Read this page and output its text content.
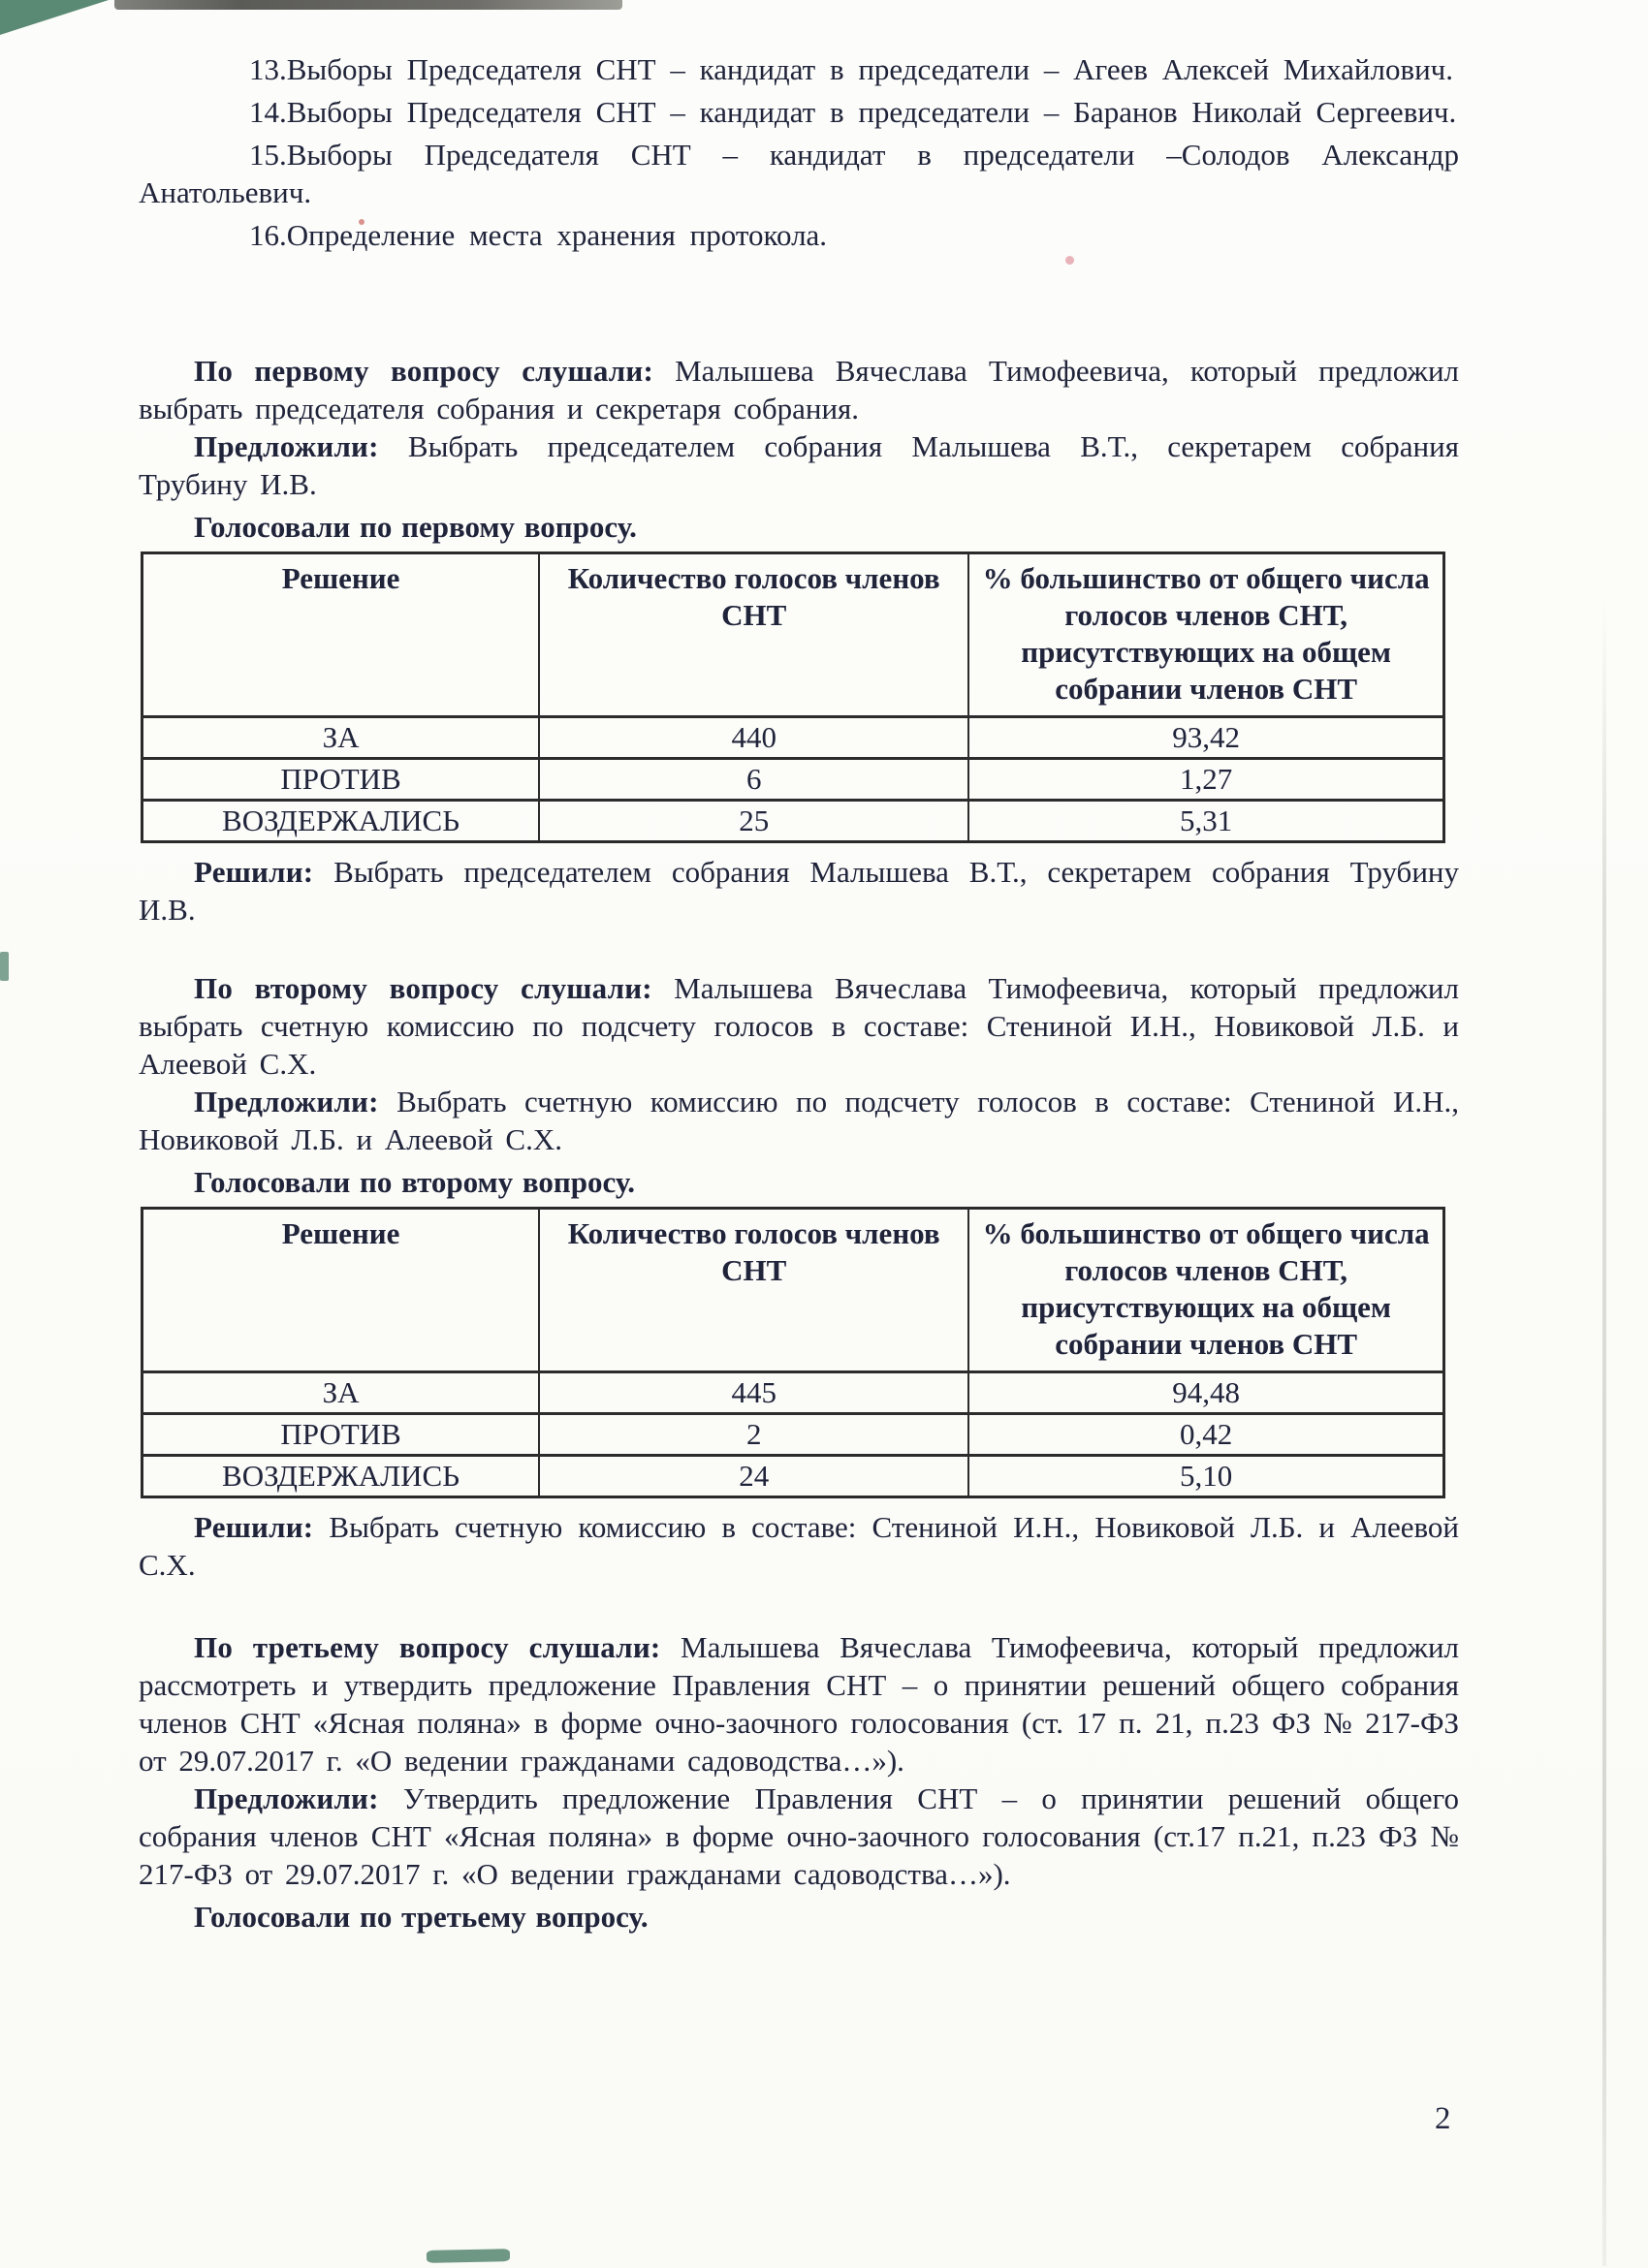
13.Выборы Председателя СНТ – кандидат в председатели – Агеев Алексей Михайлович.

14.Выборы Председателя СНТ – кандидат в председатели – Баранов Николай Сергеевич.

15.Выборы Председателя СНТ – кандидат в председатели –Солодов Александр Анатольевич.

16.Определение места хранения протокола.

По первому вопросу слушали: Малышева Вячеслава Тимофеевича, который предложил выбрать председателя собрания и секретаря собрания.

Предложили: Выбрать председателем собрания Малышева В.Т., секретарем собрания Трубину И.В.

Голосовали по первому вопросу.

Решение	Количество голосов членов СНТ	% большинство от общего числа голосов членов СНТ, присутствующих на общем собрании членов СНТ
ЗА	440	93,42
ПРОТИВ	6	1,27
ВОЗДЕРЖАЛИСЬ	25	5,31

Решили: Выбрать председателем собрания Малышева В.Т., секретарем собрания Трубину И.В.

По второму вопросу слушали: Малышева Вячеслава Тимофеевича, который предложил выбрать счетную комиссию по подсчету голосов в составе: Стениной И.Н., Новиковой Л.Б. и Алеевой С.Х.

Предложили: Выбрать счетную комиссию по подсчету голосов в составе: Стениной И.Н., Новиковой Л.Б. и Алеевой С.Х.

Голосовали по второму вопросу.

Решение	Количество голосов членов СНТ	% большинство от общего числа голосов членов СНТ, присутствующих на общем собрании членов СНТ
ЗА	445	94,48
ПРОТИВ	2	0,42
ВОЗДЕРЖАЛИСЬ	24	5,10

Решили: Выбрать счетную комиссию в составе: Стениной И.Н., Новиковой Л.Б. и Алеевой С.Х.

По третьему вопросу слушали: Малышева Вячеслава Тимофеевича, который предложил рассмотреть и утвердить предложение Правления СНТ – о принятии решений общего собрания членов СНТ «Ясная поляна» в форме очно-заочного голосования (ст. 17 п. 21, п.23 ФЗ № 217-ФЗ от 29.07.2017 г. «О ведении гражданами садоводства…»).

Предложили: Утвердить предложение Правления СНТ – о принятии решений общего собрания членов СНТ «Ясная поляна» в форме очно-заочного голосования (ст.17 п.21, п.23 ФЗ № 217-ФЗ от 29.07.2017 г. «О ведении гражданами садоводства…»).

Голосовали по третьему вопросу.

2
